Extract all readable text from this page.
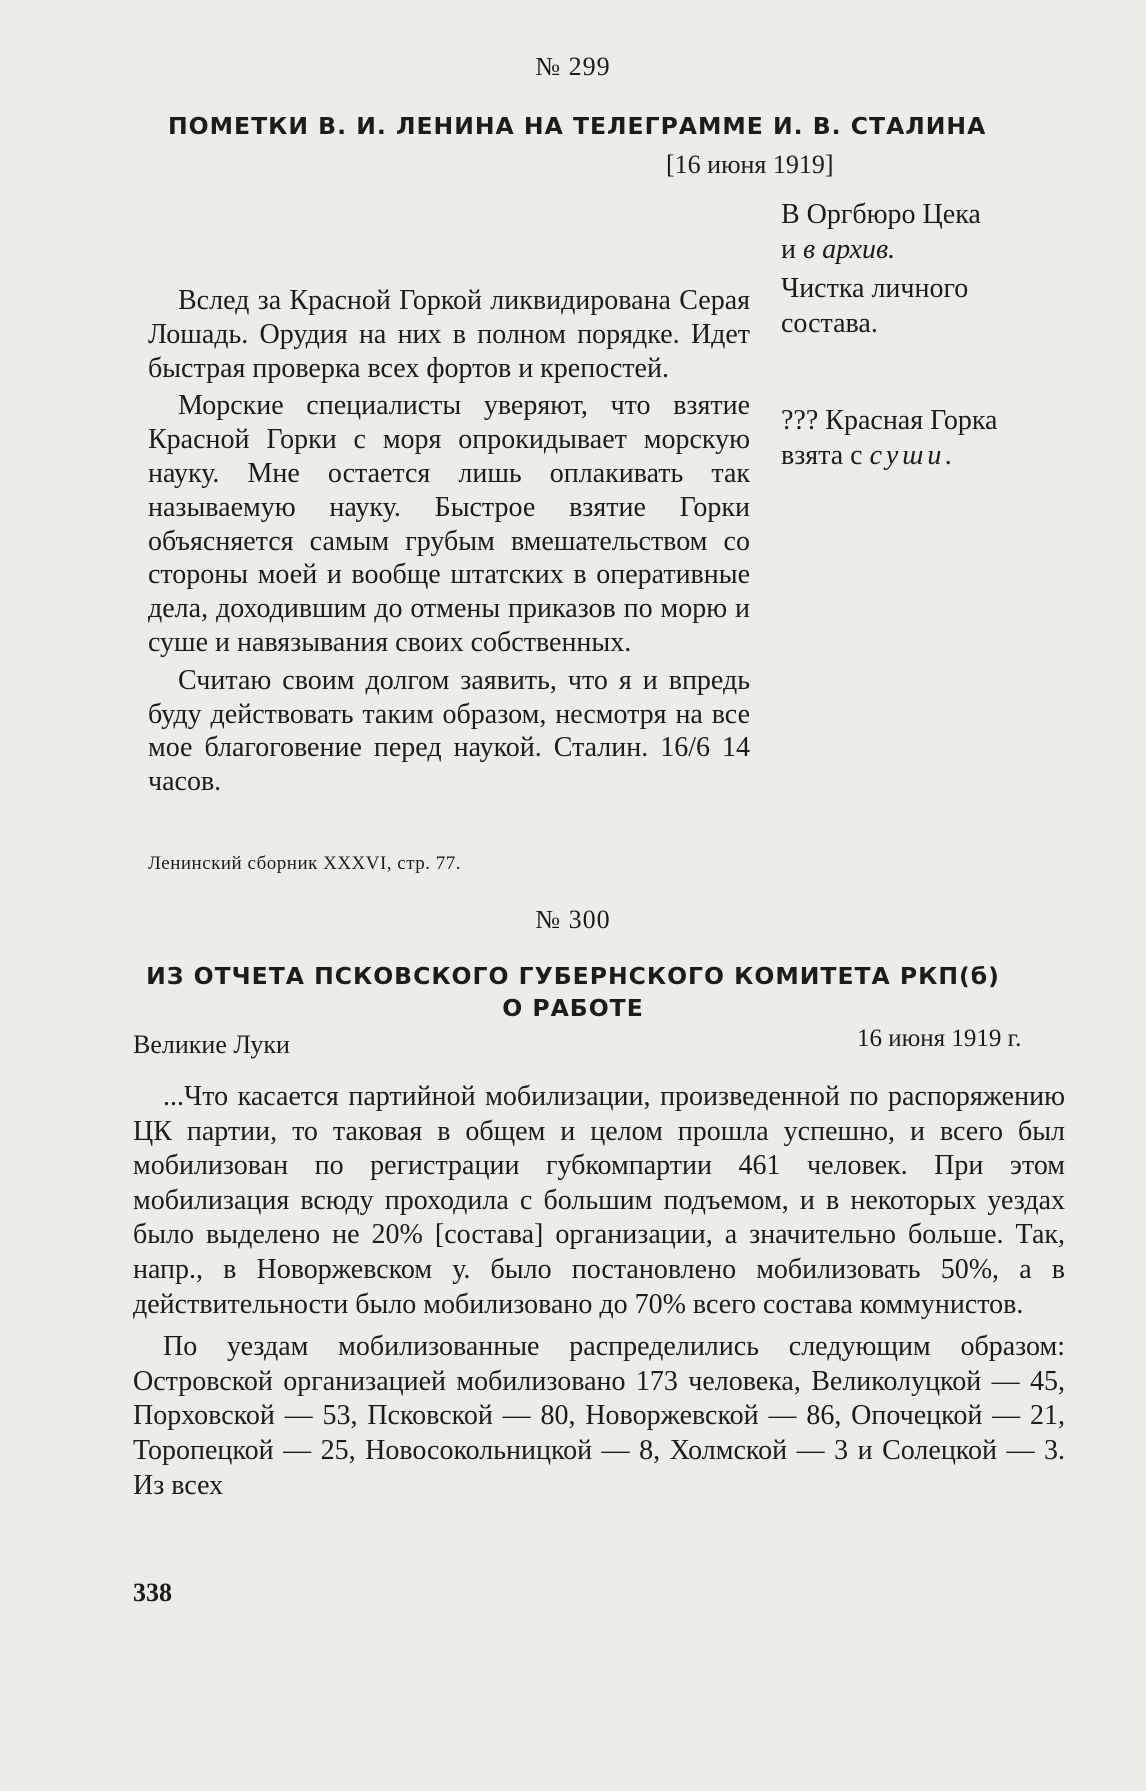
№ 299
ПОМЕТКИ В. И. ЛЕНИНА НА ТЕЛЕГРАММЕ И. В. СТАЛИНА
[16 июня 1919]

В Оргбюро Цека

и в архив.

Чистка личного состава.
??? Красная Горка взята с суши.

Вслед за Красной Горкой ликвидирована Серая Лошадь. Орудия на них в полном порядке. Идет быстрая проверка всех фортов и крепостей.

Морские специалисты уверяют, что взятие Красной Горки с моря опрокидывает морскую науку. Мне остается лишь оплакивать так называемую науку. Быстрое взятие Горки объясняется самым грубым вмешательством со стороны моей и вообще штатских в оперативные дела, доходившим до отмены приказов по морю и суше и навязывания своих собственных.

Считаю своим долгом заявить, что я и впредь буду действовать таким образом, несмотря на все мое благоговение перед наукой. Сталин. 16/6 14 часов.

Ленинский сборник XXXVI, стр. 77.
№ 300
ИЗ ОТЧЕТА ПСКОВСКОГО ГУБЕРНСКОГО КОМИТЕТА РКП(б)
О РАБОТЕ
Великие Луки	16 июня 1919 г.

...Что касается партийной мобилизации, произведенной по распоряжению ЦК партии, то таковая в общем и целом прошла успешно, и всего был мобилизован по регистрации губкомпартии 461 человек. При этом мобилизация всюду проходила с большим подъемом, и в некоторых уездах было выделено не 20% [состава] организации, а значительно больше. Так, напр., в Новоржевском у. было постановлено мобилизовать 50%, а в действительности было мобилизовано до 70% всего состава коммунистов.

По уездам мобилизованные распределились следующим образом: Островской организацией мобилизовано 173 человека, Великолуцкой — 45, Порховской — 53, Псковской — 80, Новоржевской — 86, Опочецкой — 21, Торопецкой — 25, Новосокольницкой — 8, Холмской — 3 и Солецкой — 3. Из всех

338
